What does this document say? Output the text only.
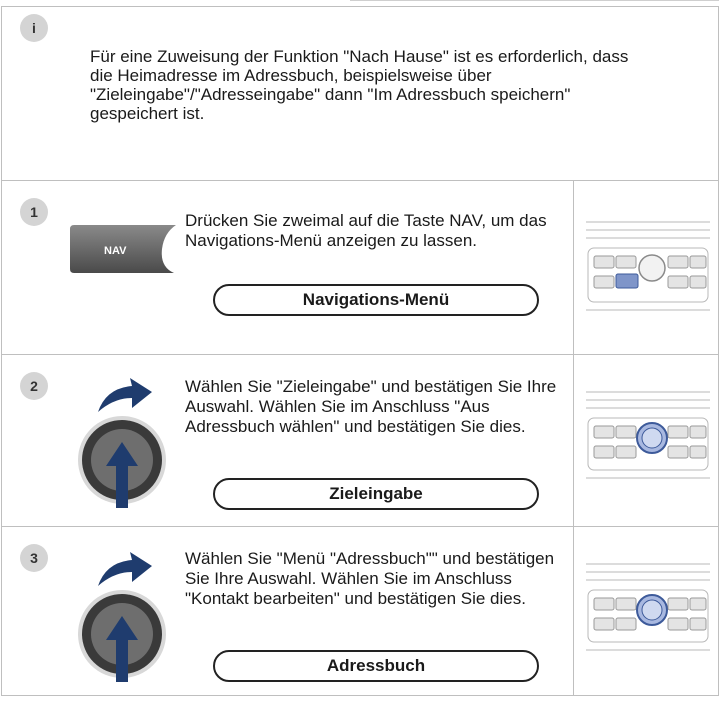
i
Für eine Zuweisung der Funktion "Nach Hause" ist es erforderlich, dass die Heimadresse im Adressbuch, beispielsweise über "Zieleingabe"/"Adresseingabe" dann "Im Adressbuch speichern" gespeichert ist.
1
NAV
Drücken Sie zweimal auf die Taste NAV, um das Navigations-Menü anzeigen zu lassen.
Navigations-Menü
2	Wählen Sie "Zieleingabe" und bestätigen Sie Ihre Auswahl. Wählen Sie im Anschluss "Aus Adressbuch wählen" und bestätigen Sie dies.
Zieleingabe
3	Wählen Sie "Menü "Adressbuch"" und bestätigen Sie Ihre Auswahl. Wählen Sie im Anschluss "Kontakt bearbeiten" und bestätigen Sie dies.
Adressbuch
